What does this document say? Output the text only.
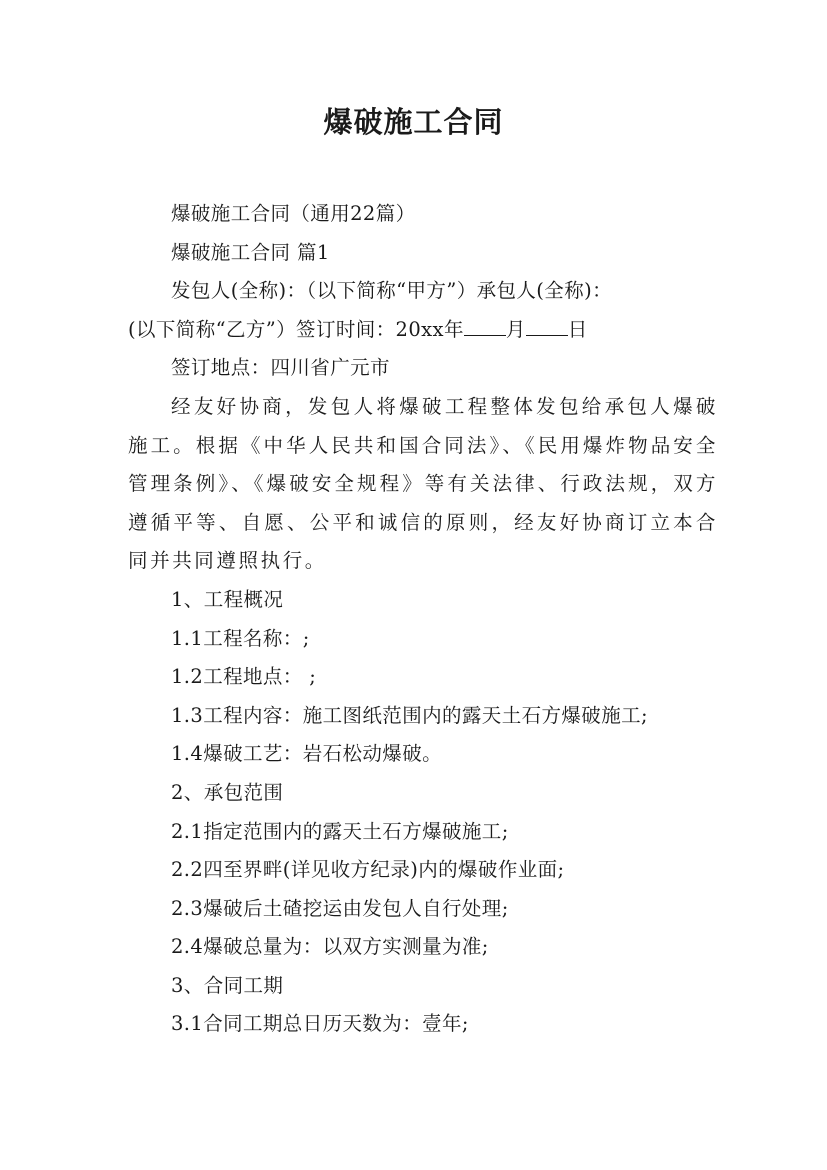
爆破施工合同

爆破施工合同（通用22篇）

爆破施工合同 篇1

发包人(全称)：（以下简称“甲方”）承包人(全称)：

(以下简称“乙方”）签订时间：20xx年 月 日

签订地点：四川省广元市

经友好协商，发包人将爆破工程整体发包给承包人爆破施工。根据《中华人民共和国合同法》、《民用爆炸物品安全管理条例》、《爆破安全规程》等有关法律、行政法规，双方遵循平等、自愿、公平和诚信的原则，经友好协商订立本合同并共同遵照执行。

1、工程概况

1.1工程名称：;

1.2工程地点： ;

1.3工程内容：施工图纸范围内的露天土石方爆破施工;

1.4爆破工艺：岩石松动爆破。

2、承包范围

2.1指定范围内的露天土石方爆破施工;

2.2四至界畔(详见收方纪录)内的爆破作业面;

2.3爆破后土碴挖运由发包人自行处理;

2.4爆破总量为：以双方实测量为准;

3、合同工期

3.1合同工期总日历天数为：壹年;
